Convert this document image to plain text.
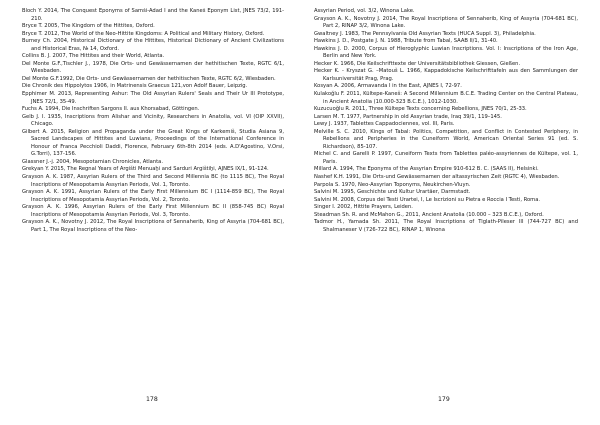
Bloch Y. 2014, The Conquest Eponyms of Šamši-Adad I and the Kaneš Eponym List, JNES 73/2, 191-210.
Bryce T. 2005, The Kingdom of the Hittites, Oxford.
Bryce T. 2012, The World of the Neo-Hittite Kingdoms: A Political and Military History, Oxford.
Burney Ch. 2004, Historical Dictionary of the Hittites, Historical Dictionary of Ancient Civilizations and Historical Eras, № 14, Oxford.
Collins B. J. 2007, The Hittites and their World, Atlanta.
Del Monte G.F.,Tischler J., 1978, Die Orts- und Gewässernamen der hethitischen Texte, RGTC 6/1, Wiesbaden.
Del Monte G.F.1992, Die Orts- und Gewässernamen der hethitischen Texte, RGTC 6/2, Wiesbaden.
Die Chronik des Hippolytos 1906, in Matrinensis Graecus 121,von Adolf Bauer, Leipzig.
Epphimer M. 2013, Representing Ashur: The Old Assyrian Rulers' Seals and Their Ur III Prototype, JNES 72/1, 35-49.
Fuchs A. 1994, Die Inschriften Sargons II. aus Khorsabad, Göttingen.
Gelb J. I. 1935, Inscriptions from Alishar and Vicinity, Researchers in Anatolia, vol. VI (OIP XXVII), Chicago.
Gilbert A. 2015, Religion and Propaganda under the Great Kings of Karkemiš, Studia Asiana 9, Sacred Landscapes of Hittites and Luwians, Proceedings of the International Conference in Honour of Franca Pecchioli Daddi, Florence, February 6th-8th 2014 (eds. A.D'Agostino, V.Orsi, G.Torri), 137-156.
Glassner J.-j. 2004, Mesopotamian Chronicles, Atlanta.
Grekyan Y. 2015, The Regnal Years of Argišti Menuaḫi and Sarduri Argištiḫi, AJNES IX/1, 91-124.
Grayson A. K. 1987, Assyrian Rulers of the Third and Second Millennia BC (to 1115 BC), The Royal Inscriptions of Mesopotamia Assyrian Periods, Vol. 1, Toronto.
Grayson A. K. 1991, Assyrian Rulers of the Early First Millennium BC I (1114-859 BC), The Royal Inscriptions of Mesopotamia Assyrian Periods, Vol. 2, Toronto.
Grayson A. K. 1996, Assyrian Rulers of the Early First Millennium BC II (858-745 BC) Royal Inscriptions of Mesopotamia Assyrian Periods, Vol. 3, Toronto.
Grayson A. K., Novotny J. 2012, The Royal Inscriptions of Sennaherib, King of Assyria (704-681 BC), Part 1, The Royal Inscriptions of the Neo-
178
Assyrian Period, vol. 3/2, Winona Lake.
Grayson A. K., Novotny J. 2014, The Royal Inscriptions of Sennaherib, King of Assyria (704-681 BC), Part 2, RINAP 3/2, Winona Lake.
Gwaltney J. 1983, The Pennsylvania Old Assyrian Texts (HUCA Suppl. 3), Philadelphia.
Hawkins J. D., Postgate J. N. 1988, Tribute from Tabal, SAAB II/1, 31-40.
Hawkins J. D. 2000, Corpus of Hieroglyphic Luwian Inscriptions. Vol. I: Inscriptions of the Iron Age, Berlin and New York.
Hecker K. 1966, Die Keilschrifttexte der Universitätsbibliothek Giessen, Gießen.
Hecker K. - Kryszat G. –Matouš L. 1966, Kappadokische Keilschrifttafeln aus den Sammlungen der Karlsuniversität Prag, Prag.
Kosyan A. 2006, Armavanda I in the East, AJNES I, 72-97.
Kulakoğlu F. 2011, Kültepe-Kaneš: A Second Millennium B.C.E. Trading Center on the Central Plateau, in Ancient Anatolia (10.000-323 B.C.E.), 1012-1030.
Kuzucuoğlu R. 2011, Three Kültepe Texts concerning Rebellions, JNES 70/1, 25-33.
Larsen M. T. 1977, Partnership in old Assyrian trade, Iraq 39/1, 119–145.
Lewy J. 1937, Tablettes Cappadociennes, vol. III, Paris.
Melville S. C. 2010, Kings of Tabal: Politics, Competition, and Conflict in Contested Periphery, in Rebellions and Peripheries in the Cuneiform World, American Oriental Series 91 (ed. S. Richardson), 85-107.
Michel C. and Garelli P. 1997, Cuneiform Texts from Tablettes paléo-assyriennes de Kültepe, vol. 1, Paris.
Millard A. 1994, The Eponyms of the Assyrian Empire 910-612 B. C. (SAAS II), Helsinki.
Nashef K.H. 1991, Die Orts-und Gewässernamen der altassyrischen Zeit (RGTC 4), Wiesbaden.
Parpola S. 1970, Neo-Assyrian Toponyms, Neukirchen-Vluyn.
Salvini M. 1995, Geschichte und Kultur Urartäer, Darmstadt.
Salvini M. 2008, Corpus dei Testi Urartei, I, Le Iscrizioni su Pietra e Roccia I Testi, Roma.
Singer I. 2002, Hittite Prayers, Leiden.
Steadman Sh. R. and McMahon G., 2011, Ancient Anatolia (10.000 – 323 B.C.E.), Oxford.
Tadmor H., Yamada Sh. 2011, The Royal Inscriptions of Tiglath-Pileser III (744-727 BC) and Shalmaneser V (726-722 BC), RINAP 1, Winona
179
